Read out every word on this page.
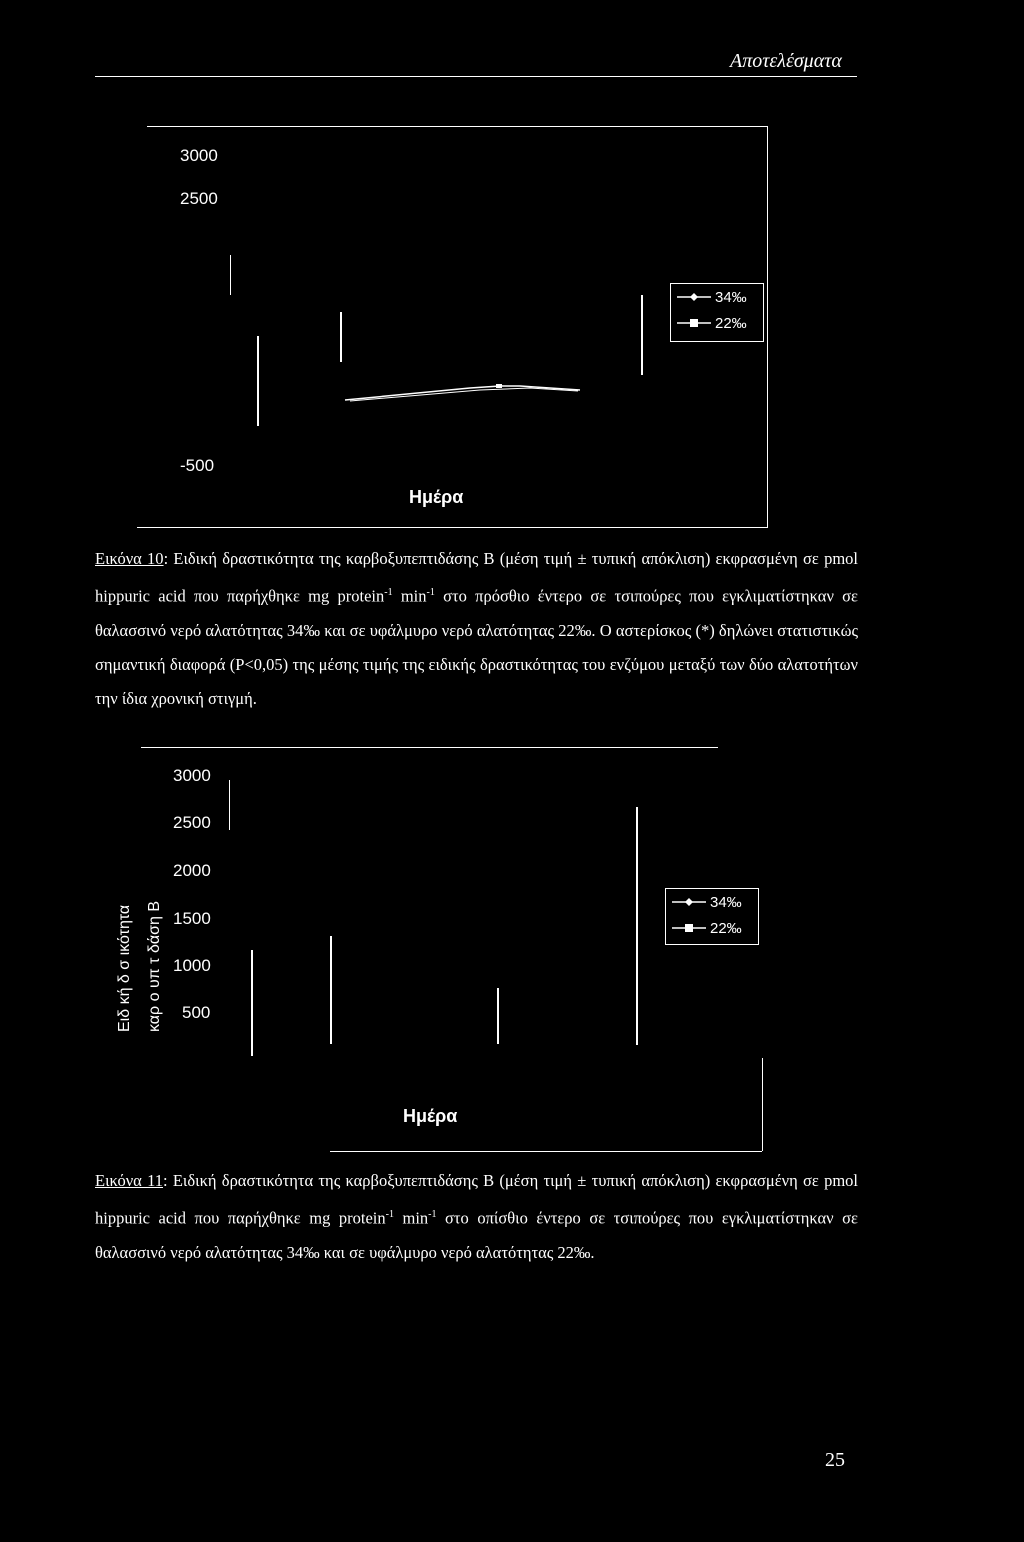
Αποτελέσματα
3000
2500
-500
34‰
22‰
Ημέρα
Εικόνα 10: Ειδική δραστικότητα της καρβοξυπεπτιδάσης Β (μέση τιμή ± τυπική απόκλιση) εκφρασμένη σε pmol hippuric acid που παρήχθηκε mg protein$^{-1}$ $\min^{-1} \sigma\tau o$ πρόσθιο έντερο σε τσιπούρες που εγκλιματίστηκαν σε θαλασσινό νερό αλατότητας 34‰ και σε υφάλμυρο νερό αλατότητας 22‰. Ο αστερίσκος (*) δηλώνει στατιστικώς σημαντική διαφορά (P<0,05) της μέσης τιμής της ειδικής δραστικότητας του ενζύμου μεταξύ των δύο αλατοτήτων την ίδια χρονική στιγμή.
Ειδ κή δ σ ικότητα καρ ο υπ τ δάση Β
3000
2500
2000
1500
1000
500
34‰
22‰
Ημέρα
Εικόνα 11: Ειδική δραστικότητα της καρβοξυπεπτιδάσης Β (μέση τιμή ± τυπική απόκλιση) εκφρασμένη σε pmol hippuric acid που παρήχθηκε mg protein$^{-1}$ $\min^{-1} \sigma\tau o$ οπίσθιο έντερο σε τσιπούρες που εγκλιματίστηκαν σε θαλασσινό νερό αλατότητας 34‰ και σε υφάλμυρο νερό αλατότητας 22‰.
25
